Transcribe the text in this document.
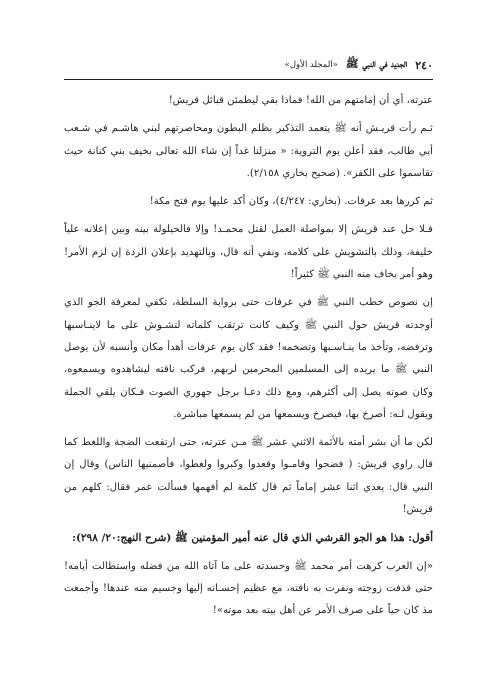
٢٤٠
الجديد في النبي ﷺ
«المجلد الأول»

عترته، أي أن إمامتهم من الله! فماذا بقي ليطمئن قبائل قريش!

ثـم رأت قريـش أنه ﷺ يتعمد التذكير بظلم البطون ومحاصرتهم لبني هاشـم في شـعب أبي طالب، فقد أعلن يوم التروية: « منزلنا غداً إن شاء الله تعالى بخيف بني كنانة حيث تقاسموا على الكفر». (صحيح بخاري ٢/١٥٨).

ثم كررها بعد عرفات. (بخاري: ٤/٢٤٧)، وكان أكد عليها يوم فتح مكة!

فـلا حل عند قريش إلا بمواصلة العمل لقتل محمـد! وإلا فالحيلولة بينه وبين إعلانه علياً خليفة، وذلك بالتشويش على كلامه، ونفي أنه قال، وبالتهديد بإعلان الردة إن لزم الأمر! وهو أمر يخاف منه النبي ﷺ كثيراً!

إن نصوص خطب النبي ﷺ في عرفات حتى برواية السلطة، تكفي لمعرفة الجو الذي أوجدته قريش حول النبي ﷺ وكيف كانت ترتقب كلماته لتشـوش على ما لاينـاسبها وترفضه، وتأخذ ما ينـاسـبها وتضخمه! فقد كان يوم عرفات أهدأ مكان وأنسبه لأن يوصل النبي ﷺ ما يريده إلى المسلمين المحرمين لربهم، فركب ناقته ليشاهدوه ويسمعوه، وكان صوته يصل إلى أكثرهم، ومع ذلك دعـا برجل جهوري الصوت فـكان يلقي الجملة ويقول لـه: أصرخ بها، فيصرخ ويسمعها من لم يسمعها مباشرة.

لكن ما أن بشر أمته بالأئمة الاثني عشر ﷺ مـن عترته، حتى ارتفعت الضجة واللغط كما قال راوي قريش: ( فضجوا وقامـوا وقعدوا وكبروا ولغطوا، فأصمنيها الناس) وقال إن النبي قال: يعدي اثنا عشر إماماً ثم قال كلمة لم أفهمها فسألت عمر فقال: كلهم من قريش!

أقول: هذا هو الجو القرشي الذي قال عنه أمير المؤمنين ﷺ (شرح النهج:٢٠/ ٢٩٨):

«إن العرب كرهت أمر محمد ﷺ وحسدته على ما آتاه الله من فضله واستطالت أيامه! حتى قذفت زوجته ونفرت به ناقته، مع عظيم إحسـانه إليها وجسيم منه عندها! وأجمعت مذ كان حياً على صرف الأمر عن أهل بيته بعد موته»!
